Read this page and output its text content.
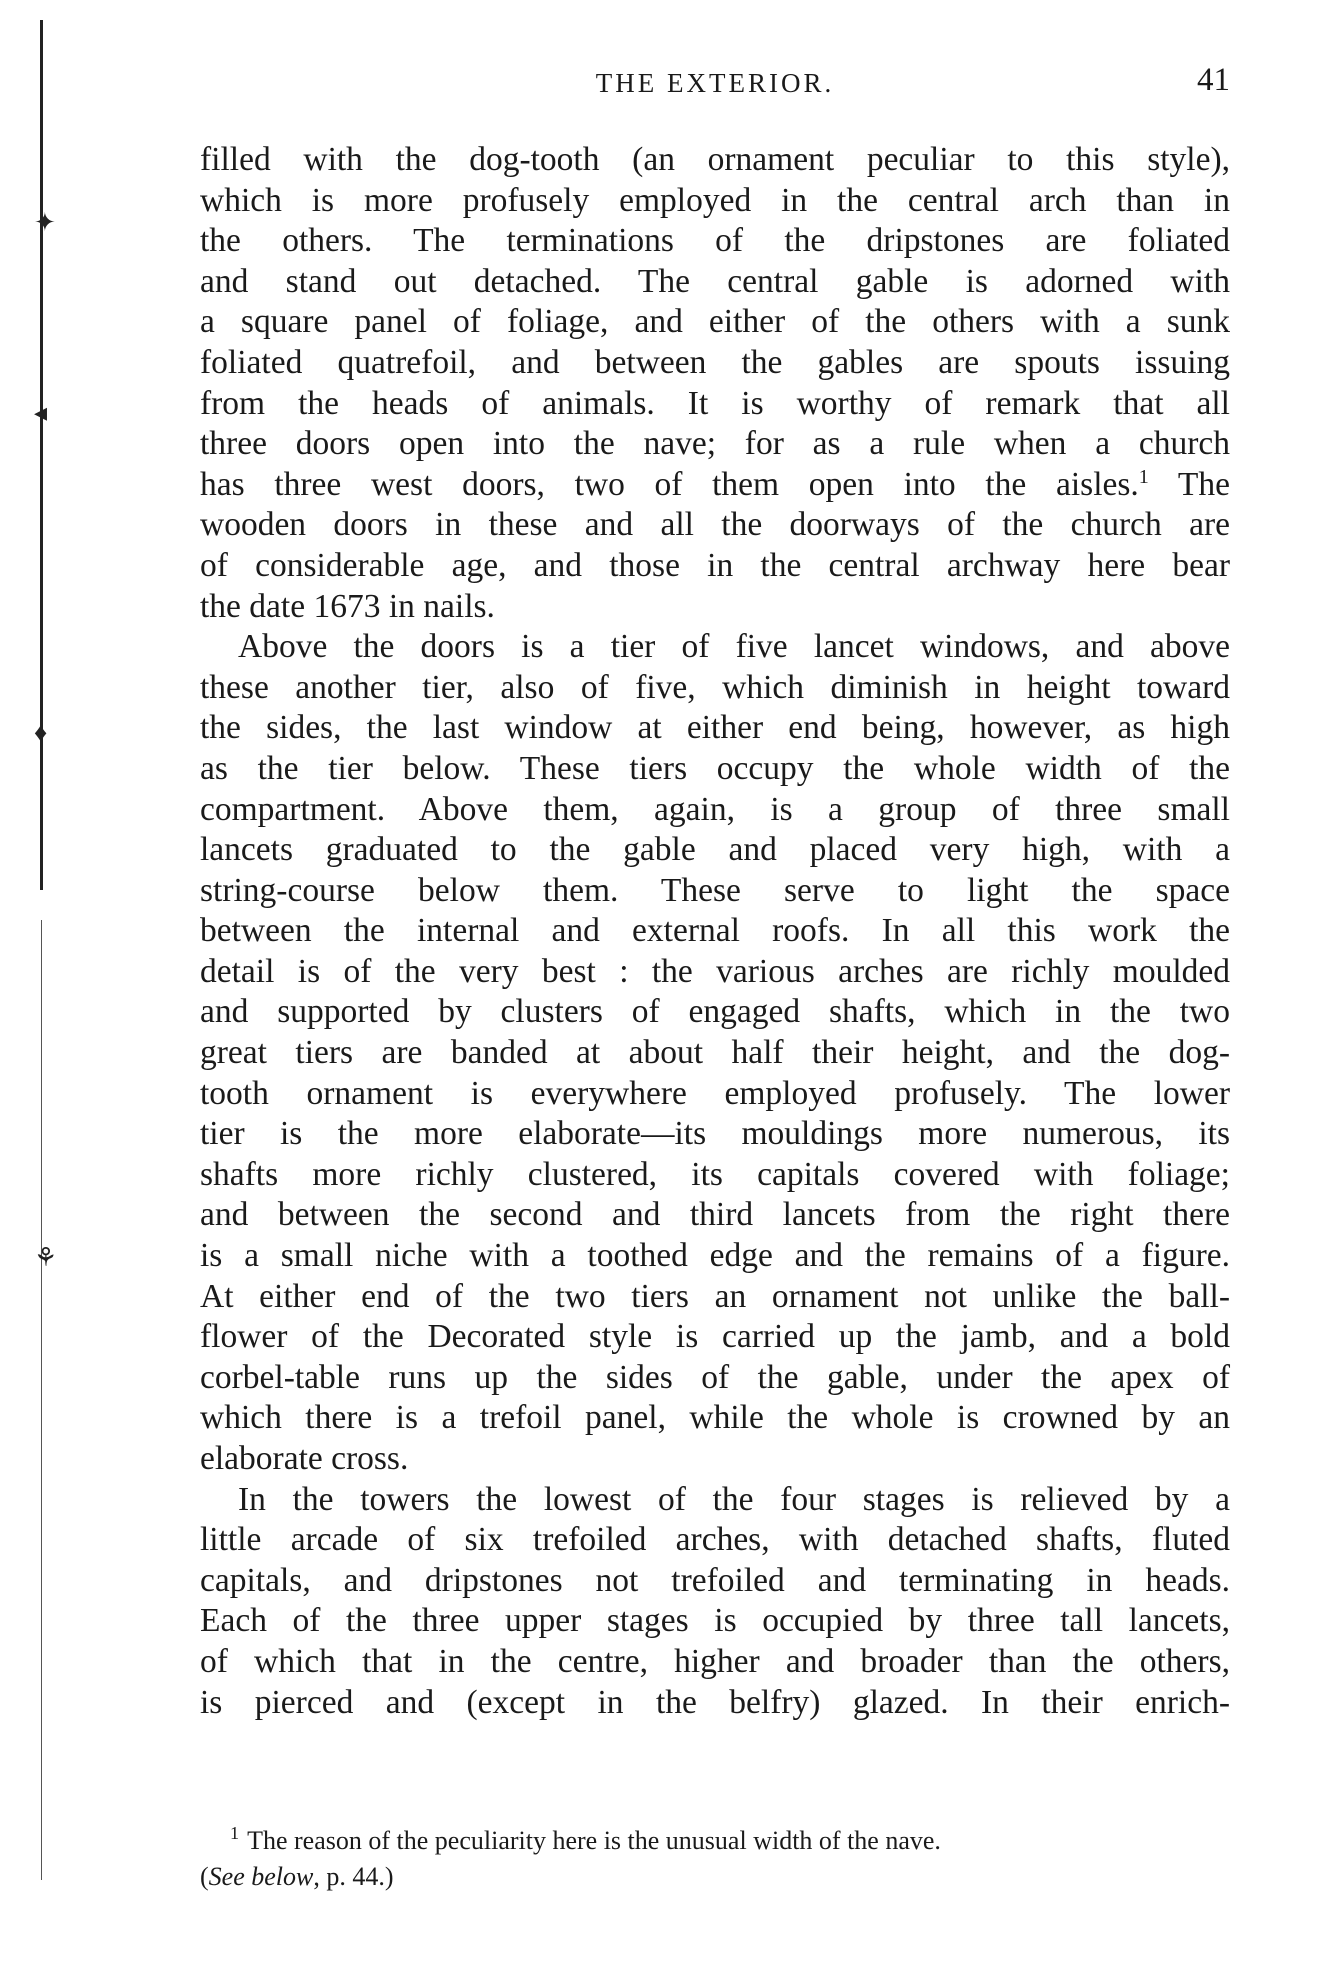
✦
◂
♦
⚘
THE EXTERIOR.	41
filled with the dog-tooth (an ornament peculiar to this style),
which is more profusely employed in the central arch than in
the others. The terminations of the dripstones are foliated
and stand out detached. The central gable is adorned with
a square panel of foliage, and either of the others with a sunk
foliated quatrefoil, and between the gables are spouts issuing
from the heads of animals. It is worthy of remark that all
three doors open into the nave; for as a rule when a church
has three west doors, two of them open into the aisles.$^1$ The
wooden doors in these and all the doorways of the church are
of considerable age, and those in the central archway here bear
the date 1673 in nails.
Above the doors is a tier of five lancet windows, and above
these another tier, also of five, which diminish in height toward
the sides, the last window at either end being, however, as high
as the tier below. These tiers occupy the whole width of the
compartment. Above them, again, is a group of three small
lancets graduated to the gable and placed very high, with a
string-course below them. These serve to light the space
between the internal and external roofs. In all this work the
detail is of the very best : the various arches are richly moulded
and supported by clusters of engaged shafts, which in the two
great tiers are banded at about half their height, and the dog-
tooth ornament is everywhere employed profusely. The lower
tier is the more elaborate—its mouldings more numerous, its
shafts more richly clustered, its capitals covered with foliage;
and between the second and third lancets from the right there
is a small niche with a toothed edge and the remains of a figure.
At either end of the two tiers an ornament not unlike the ball-
flower of the Decorated style is carried up the jamb, and a bold
corbel-table runs up the sides of the gable, under the apex of
which there is a trefoil panel, while the whole is crowned by an
elaborate cross.
In the towers the lowest of the four stages is relieved by a
little arcade of six trefoiled arches, with detached shafts, fluted
capitals, and dripstones not trefoiled and terminating in heads.
Each of the three upper stages is occupied by three tall lancets,
of which that in the centre, higher and broader than the others,
is pierced and (except in the belfry) glazed. In their enrich-
$^1$ The reason of the peculiarity here is the unusual width of the nave.
(See below, p. 44.)
